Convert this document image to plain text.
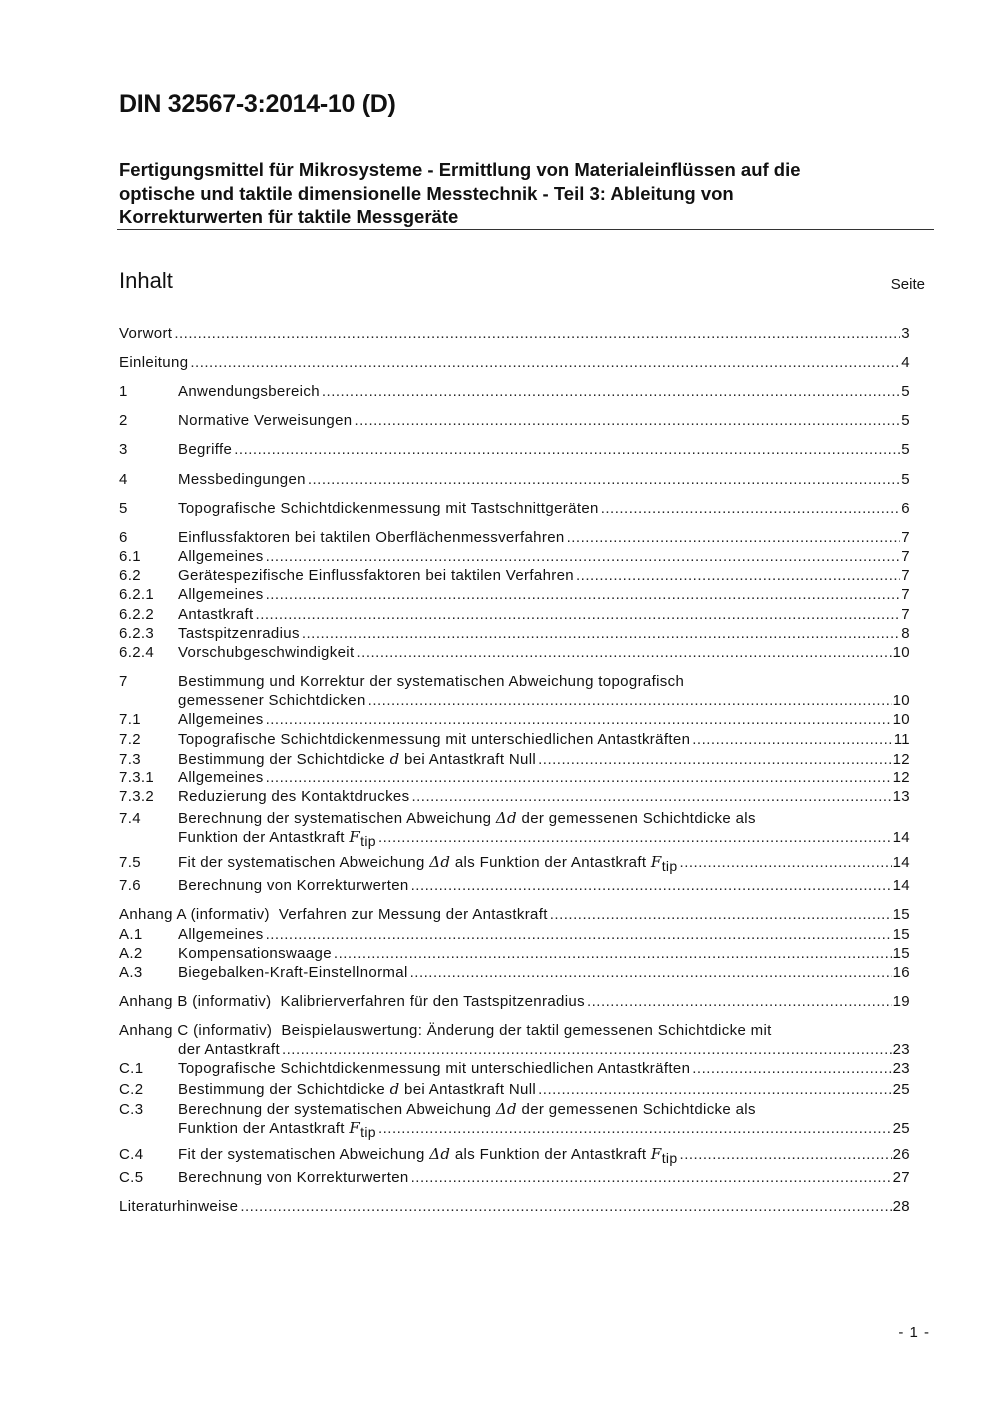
DIN 32567-3:2014-10 (D)
Fertigungsmittel für Mikrosysteme - Ermittlung von Materialeinflüssen auf die
optische und taktile dimensionelle Messtechnik - Teil 3: Ableitung von
Korrekturwerten für taktile Messgeräte
Inhalt	Seite
Vorwort .....	3
Einleitung .....	4
1	Anwendungsbereich .....	5
2	Normative Verweisungen .....	5
3	Begriffe .....	5
4	Messbedingungen .....	5
5	Topografische Schichtdickenmessung mit Tastschnittgeräten .....	6
6	Einflussfaktoren bei taktilen Oberflächenmessverfahren .....	7
6.1	Allgemeines .....	7
6.2	Gerätespezifische Einflussfaktoren bei taktilen Verfahren .....	7
6.2.1	Allgemeines .....	7
6.2.2	Antastkraft .....	7
6.2.3	Tastspitzenradius .....	8
6.2.4	Vorschubgeschwindigkeit .....	10
7	Bestimmung und Korrektur der systematischen Abweichung topografisch
gemessener Schichtdicken .....	10
7.1	Allgemeines .....	10
7.2	Topografische Schichtdickenmessung mit unterschiedlichen Antastkräften .....	11
7.3	Bestimmung der Schichtdicke d bei Antastkraft Null .....	12
7.3.1	Allgemeines .....	12
7.3.2	Reduzierung des Kontaktdruckes .....	13
7.4	Berechnung der systematischen Abweichung Δd der gemessenen Schichtdicke als
Funktion der Antastkraft Ftip .....	14
7.5	Fit der systematischen Abweichung Δd als Funktion der Antastkraft Ftip .....	14
7.6	Berechnung von Korrekturwerten .....	14
Anhang A (informativ) Verfahren zur Messung der Antastkraft .....	15
A.1	Allgemeines .....	15
A.2	Kompensationswaage .....	15
A.3	Biegebalken-Kraft-Einstellnormal .....	16
Anhang B (informativ) Kalibrierverfahren für den Tastspitzenradius .....	19
Anhang C (informativ) Beispielauswertung: Änderung der taktil gemessenen Schichtdicke mit
der Antastkraft .....	23
C.1	Topografische Schichtdickenmessung mit unterschiedlichen Antastkräften .....	23
C.2	Bestimmung der Schichtdicke d bei Antastkraft Null .....	25
C.3	Berechnung der systematischen Abweichung Δd der gemessenen Schichtdicke als
Funktion der Antastkraft Ftip .....	25
C.4	Fit der systematischen Abweichung Δd als Funktion der Antastkraft Ftip .....	26
C.5	Berechnung von Korrekturwerten .....	27
Literaturhinweise .....	28
- 1 -
